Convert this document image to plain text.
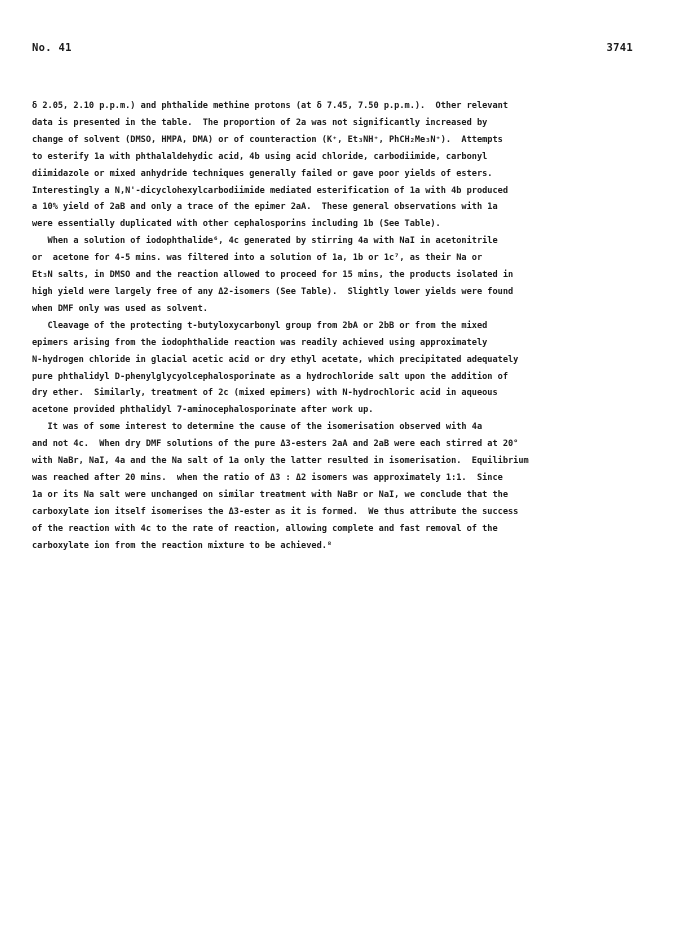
No. 41	3741
δ 2.05, 2.10 p.p.m.) and phthalide methine protons (at δ 7.45, 7.50 p.p.m.).  Other relevant
data is presented in the table.  The proportion of 2a was not significantly increased by
change of solvent (DMSO, HMPA, DMA) or of counteraction (K⁺, Et₃NH⁺, PhCH₂Me₃N⁺).  Attempts
to esterify 1a with phthalaldehydic acid, 4b using acid chloride, carbodiimide, carbonyl
diimidazole or mixed anhydride techniques generally failed or gave poor yields of esters.
Interestingly a N,N'-dicyclohexylcarbodiimide mediated esterification of 1a with 4b produced
a 10% yield of 2aB and only a trace of the epimer 2aA.  These general observations with 1a
were essentially duplicated with other cephalosporins including 1b (See Table).
When a solution of iodophthalide⁶, 4c generated by stirring 4a with NaI in acetonitrile
or  acetone for 4-5 mins. was filtered into a solution of 1a, 1b or 1c⁷, as their Na or
Et₃N salts, in DMSO and the reaction allowed to proceed for 15 mins, the products isolated in
high yield were largely free of any Δ2-isomers (See Table).  Slightly lower yields were found
when DMF only was used as solvent.
Cleavage of the protecting t-butyloxycarbonyl group from 2bA or 2bB or from the mixed
epimers arising from the iodophthalide reaction was readily achieved using approximately
N-hydrogen chloride in glacial acetic acid or dry ethyl acetate, which precipitated adequately
pure phthalidyl D-phenylglycyolcephalosporinate as a hydrochloride salt upon the addition of
dry ether.  Similarly, treatment of 2c (mixed epimers) with N-hydrochloric acid in aqueous
acetone provided phthalidyl 7-aminocephalosporinate after work up.
It was of some interest to determine the cause of the isomerisation observed with 4a
and not 4c.  When dry DMF solutions of the pure Δ3-esters 2aA and 2aB were each stirred at 20°
with NaBr, NaI, 4a and the Na salt of 1a only the latter resulted in isomerisation.  Equilibrium
was reached after 20 mins.  when the ratio of Δ3 : Δ2 isomers was approximately 1:1.  Since
1a or its Na salt were unchanged on similar treatment with NaBr or NaI, we conclude that the
carboxylate ion itself isomerises the Δ3-ester as it is formed.  We thus attribute the success
of the reaction with 4c to the rate of reaction, allowing complete and fast removal of the
carboxylate ion from the reaction mixture to be achieved.⁸
